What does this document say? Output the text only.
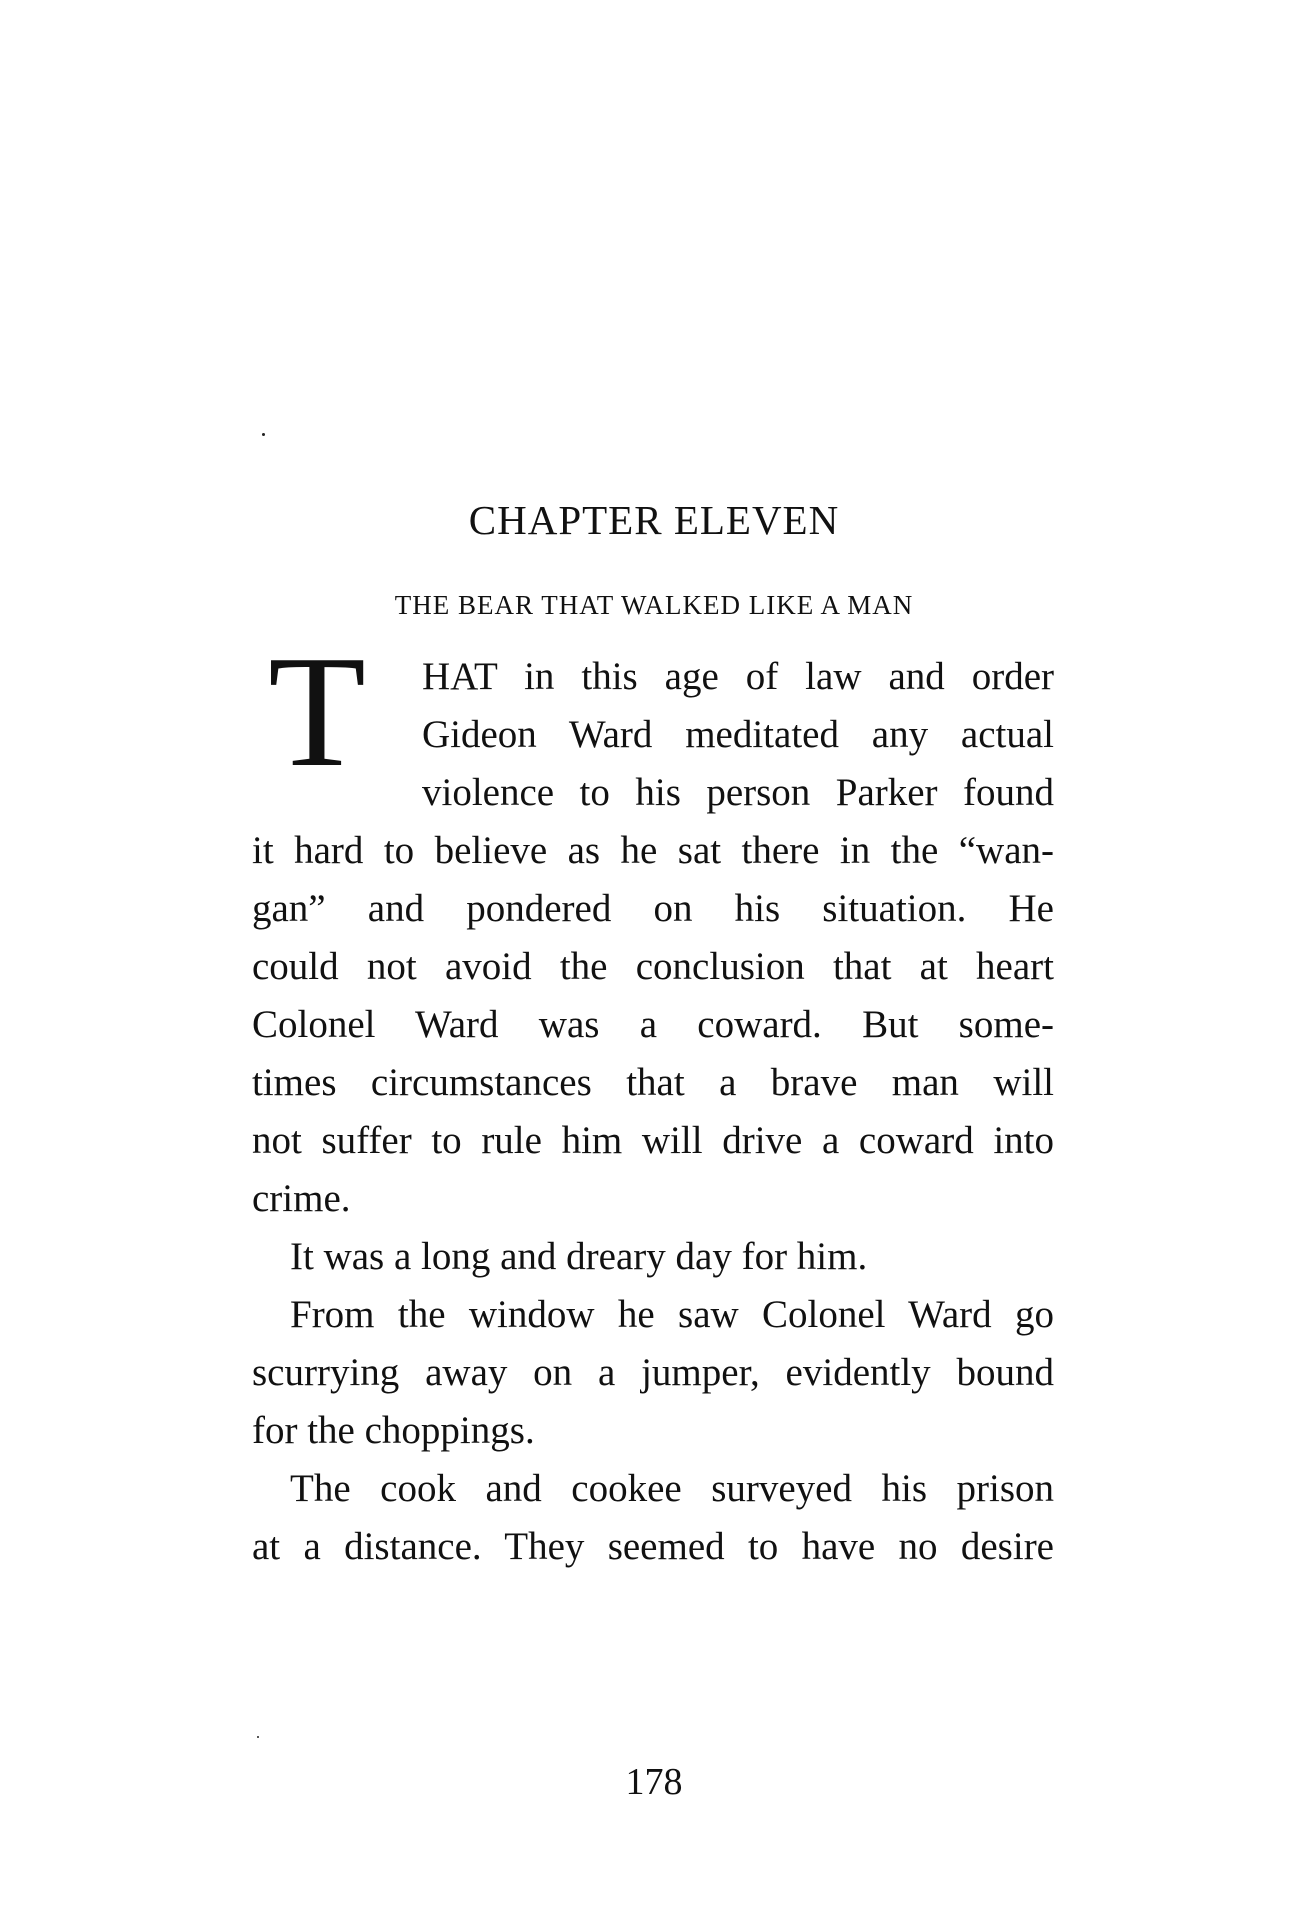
CHAPTER ELEVEN
THE BEAR THAT WALKED LIKE A MAN
T	HAT in this age of law and order
Gideon Ward meditated any actual
violence to his person Parker found
it hard to believe as he sat there in the “wan-
gan” and pondered on his situation. He
could not avoid the conclusion that at heart
Colonel Ward was a coward. But some-
times circumstances that a brave man will
not suffer to rule him will drive a coward into
crime.
It was a long and dreary day for him.
From the window he saw Colonel Ward go
scurrying away on a jumper, evidently bound
for the choppings.
The cook and cookee surveyed his prison
at a distance. They seemed to have no desire
178
